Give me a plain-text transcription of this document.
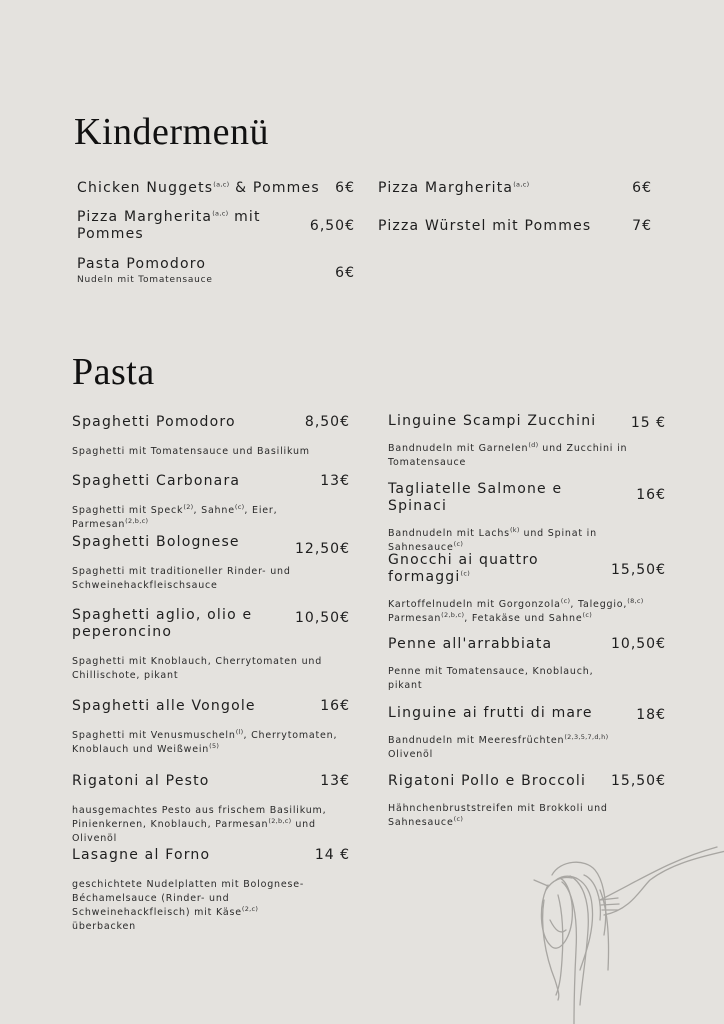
Kindermenü
Chicken Nuggets$^{(a,c)}$ & Pommes	6€
Pizza Margherita$^{(a,c)}$ mit Pommes	6,50€
Pasta Pomodoro
Nudeln mit Tomatensauce	6€
Pizza Margherita$^{(a,c)}$	6€
Pizza Würstel mit Pommes	7€
Pasta
Spaghetti Pomodoro	8,50€
Spaghetti mit Tomatensauce und Basilikum
Spaghetti Carbonara	13€
Spaghetti mit Speck$^{(2)}$, Sahne$^{(c)}$, Eier, Parmesan$^{(2,b,c)}$
Spaghetti Bolognese	12,50€
Spaghetti mit traditioneller Rinder- und Schweinehackfleischsauce
Spaghetti aglio, olio e peperoncino
10,50€
Spaghetti mit Knoblauch, Cherrytomaten und Chillischote, pikant
Spaghetti alle Vongole	16€
Spaghetti mit Venusmuscheln$^{(l)}$, Cherrytomaten, Knoblauch und Weißwein$^{(5)}$
Rigatoni al Pesto	13€
hausgemachtes Pesto aus frischem Basilikum, Pinienkernen, Knoblauch, Parmesan$^{(2,b,c)}$ und Olivenöl
Lasagne al Forno	14 €
geschichtete Nudelplatten mit Bolognese-Béchamelsauce (Rinder- und Schweinehackfleisch) mit Käse$^{(2,c)}$ überbacken
Linguine Scampi Zucchini	15 €
Bandnudeln mit Garnelen$^{(d)}$ und Zucchini in Tomatensauce
Tagliatelle Salmone e Spinaci
16€
Bandnudeln mit Lachs$^{(k)}$ und Spinat in Sahnesauce$^{(c)}$
Gnocchi ai quattro formaggi$^{(c)}$	15,50€
Kartoffelnudeln mit Gorgonzola$^{(c)}$, Taleggio,$^{(8,c)}$ Parmesan$^{(2,b,c)}$, Fetakäse und Sahne$^{(c)}$
Penne all'arrabbiata	10,50€
Penne mit Tomatensauce, Knoblauch, pikant
Linguine ai frutti di mare	18€
Bandnudeln mit Meeresfrüchten$^{(2,3,5,7,d,h)}$
Olivenöl
Rigatoni Pollo e Broccoli	15,50€
Hähnchenbruststreifen mit Brokkoli und Sahnesauce$^{(c)}$
